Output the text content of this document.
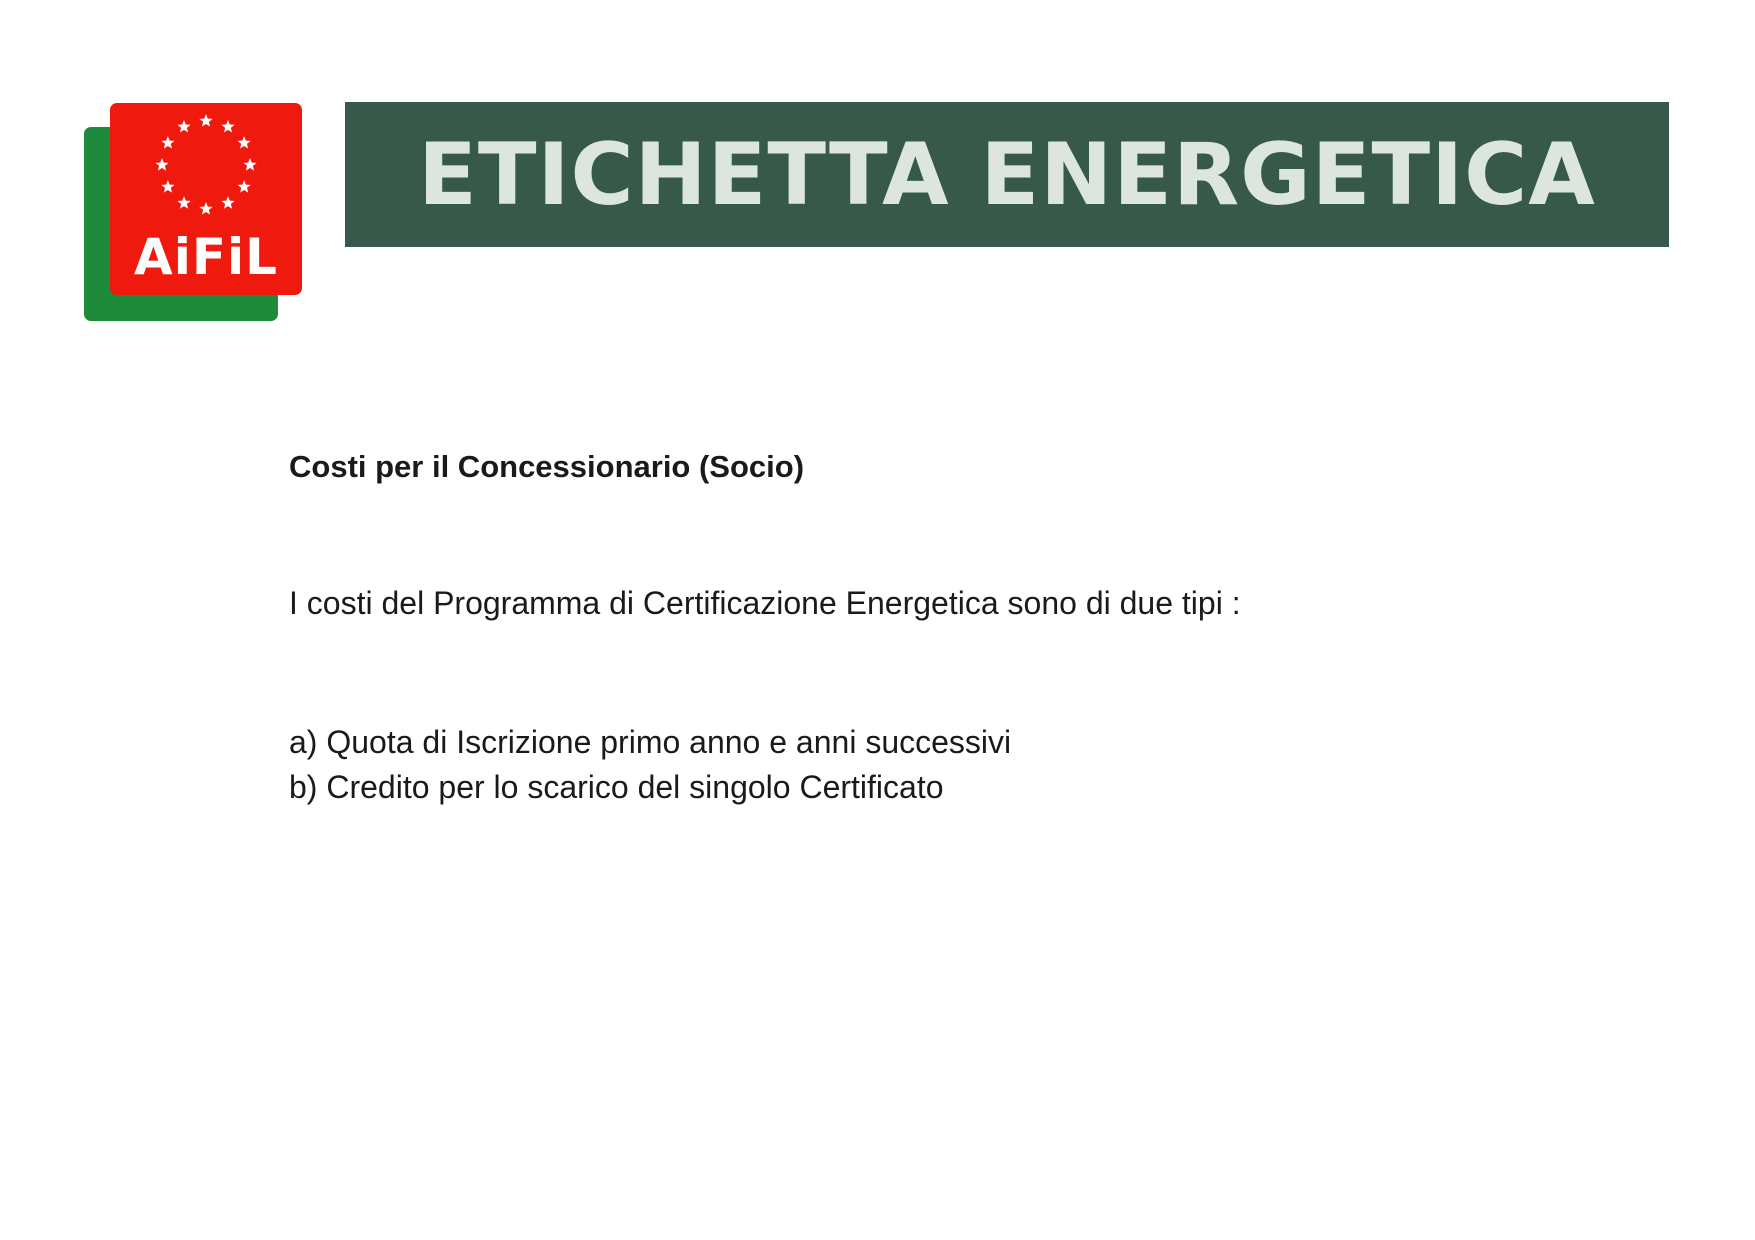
AiFiL
ETICHETTA ENERGETICA
Costi per il Concessionario (Socio)
I costi del Programma di Certificazione Energetica sono di due tipi :
a) Quota di Iscrizione primo anno e anni successivi
b) Credito per lo scarico del singolo Certificato
